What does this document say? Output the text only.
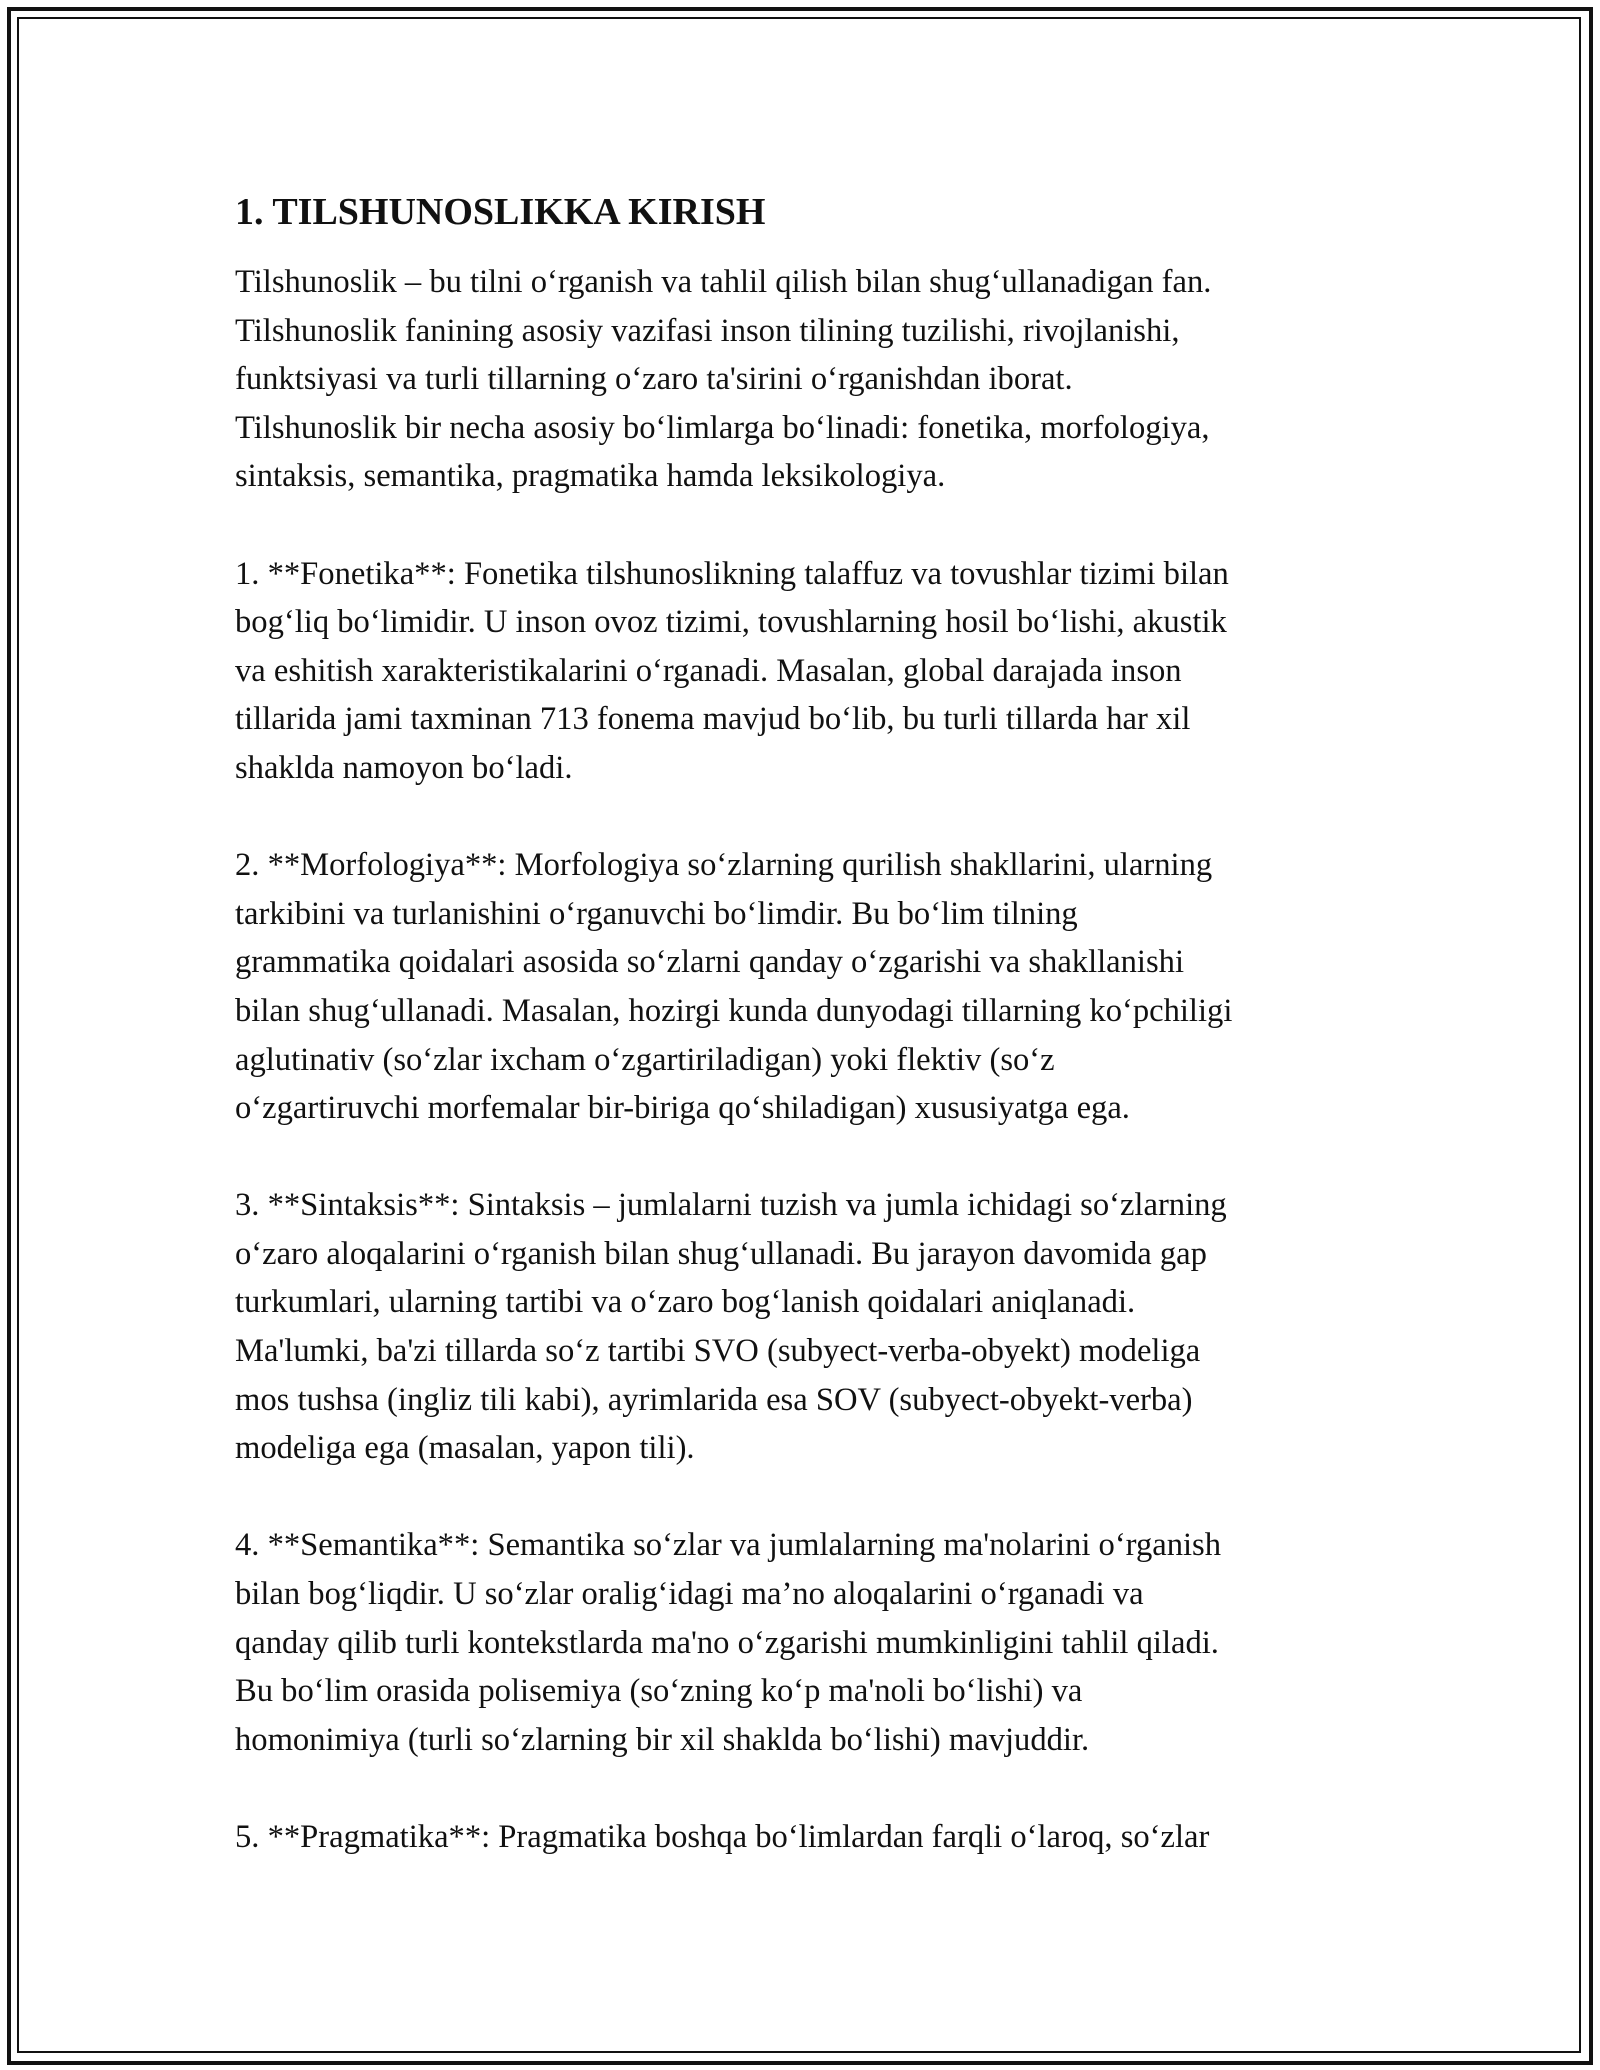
1. TILSHUNOSLIKKA KIRISH
Tilshunoslik – bu tilni o‘rganish va tahlil qilish bilan shug‘ullanadigan fan.
Tilshunoslik fanining asosiy vazifasi inson tilining tuzilishi, rivojlanishi,
funktsiyasi va turli tillarning o‘zaro ta'sirini o‘rganishdan iborat.
Tilshunoslik bir necha asosiy bo‘limlarga bo‘linadi: fonetika, morfologiya,
sintaksis, semantika, pragmatika hamda leksikologiya.
1. **Fonetika**: Fonetika tilshunoslikning talaffuz va tovushlar tizimi bilan
bog‘liq bo‘limidir. U inson ovoz tizimi, tovushlarning hosil bo‘lishi, akustik
va eshitish xarakteristikalarini o‘rganadi. Masalan, global darajada inson
tillarida jami taxminan 713 fonema mavjud bo‘lib, bu turli tillarda har xil
shaklda namoyon bo‘ladi.
2. **Morfologiya**: Morfologiya so‘zlarning qurilish shakllarini, ularning
tarkibini va turlanishini o‘rganuvchi bo‘limdir. Bu bo‘lim tilning
grammatika qoidalari asosida so‘zlarni qanday o‘zgarishi va shakllanishi
bilan shug‘ullanadi. Masalan, hozirgi kunda dunyodagi tillarning ko‘pchiligi
aglutinativ (so‘zlar ixcham o‘zgartiriladigan) yoki flektiv (so‘z
o‘zgartiruvchi morfemalar bir-biriga qo‘shiladigan) xususiyatga ega.
3. **Sintaksis**: Sintaksis – jumlalarni tuzish va jumla ichidagi so‘zlarning
o‘zaro aloqalarini o‘rganish bilan shug‘ullanadi. Bu jarayon davomida gap
turkumlari, ularning tartibi va o‘zaro bog‘lanish qoidalari aniqlanadi.
Ma'lumki, ba'zi tillarda so‘z tartibi SVO (subyect-verba-obyekt) modeliga
mos tushsa (ingliz tili kabi), ayrimlarida esa SOV (subyect-obyekt-verba)
modeliga ega (masalan, yapon tili).
4. **Semantika**: Semantika so‘zlar va jumlalarning ma'nolarini o‘rganish
bilan bog‘liqdir. U so‘zlar oralig‘idagi ma’no aloqalarini o‘rganadi va
qanday qilib turli kontekstlarda ma'no o‘zgarishi mumkinligini tahlil qiladi.
Bu bo‘lim orasida polisemiya (so‘zning ko‘p ma'noli bo‘lishi) va
homonimiya (turli so‘zlarning bir xil shaklda bo‘lishi) mavjuddir.
5. **Pragmatika**: Pragmatika boshqa bo‘limlardan farqli o‘laroq, so‘zlar
